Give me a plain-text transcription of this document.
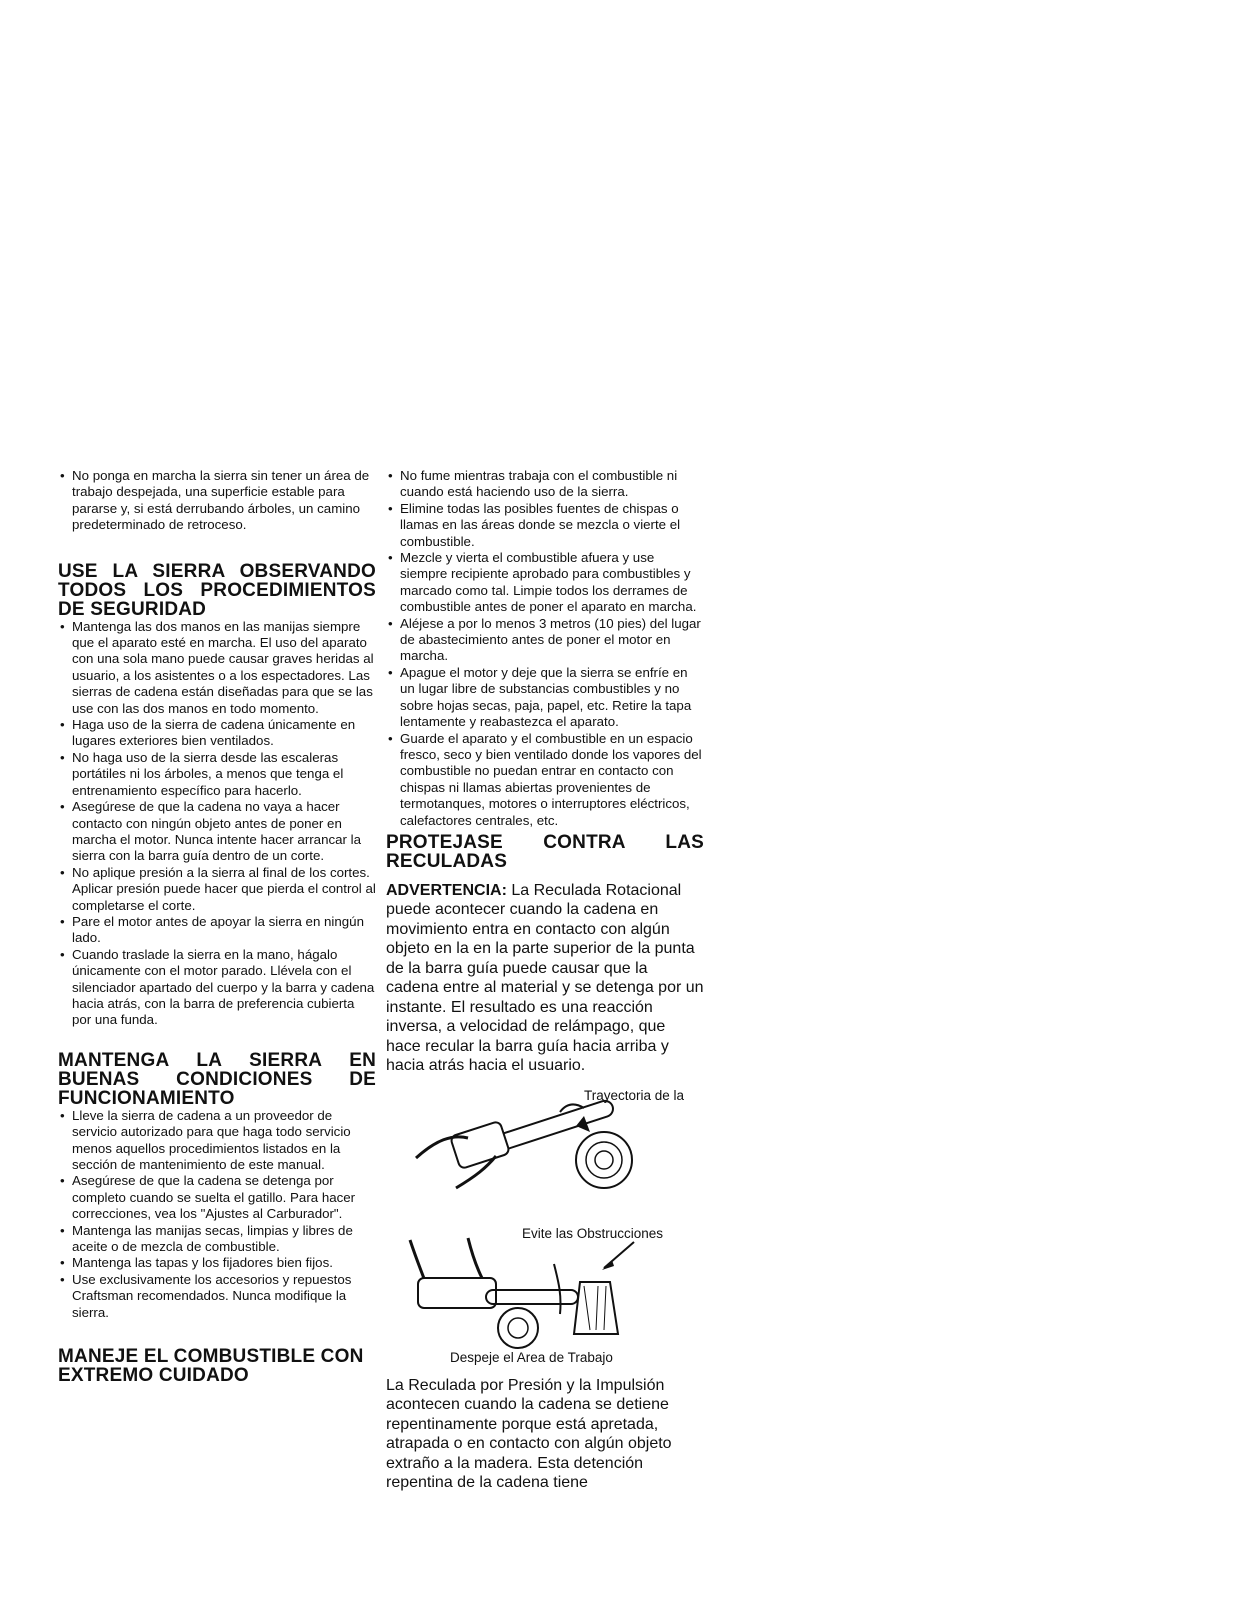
• No ponga en marcha la sierra sin tener un área de trabajo despejada, una superficie estable para pararse y, si está derrubando árboles, un camino predeterminado de retroceso.
USE LA SIERRA OBSERVANDO
TODOS LOS PROCEDIMIENTOS
DE SEGURIDAD
• Mantenga las dos manos en las manijas siempre que el aparato esté en marcha. El uso del aparato con una sola mano puede causar graves heridas al usuario, a los asistentes o a los espectadores. Las sierras de cadena están diseñadas para que se las use con las dos manos en todo momento.
• Haga uso de la sierra de cadena únicamente en lugares exteriores bien ventilados.
• No haga uso de la sierra desde las escaleras portátiles ni los árboles, a menos que tenga el entrenamiento específico para hacerlo.
• Asegúrese de que la cadena no vaya a hacer contacto con ningún objeto antes de poner en marcha el motor. Nunca intente hacer arrancar la sierra con la barra guía dentro de un corte.
• No aplique presión a la sierra al final de los cortes. Aplicar presión puede hacer que pierda el control al completarse el corte.
• Pare el motor antes de apoyar la sierra en ningún lado.
• Cuando traslade la sierra en la mano, hágalo únicamente con el motor parado. Llévela con el silenciador apartado del cuerpo y la barra y cadena hacia atrás, con la barra de preferencia cubierta por una funda.
MANTENGA LA SIERRA EN
BUENAS CONDICIONES DE
FUNCIONAMIENTO
• Lleve la sierra de cadena a un proveedor de servicio autorizado para que haga todo servicio menos aquellos procedimientos listados en la sección de mantenimiento de este manual.
• Asegúrese de que la cadena se detenga por completo cuando se suelta el gatillo. Para hacer correcciones, vea los "Ajustes al Carburador".
• Mantenga las manijas secas, limpias y libres de aceite o de mezcla de combustible.
• Mantenga las tapas y los fijadores bien fijos.
• Use exclusivamente los accesorios y repuestos Craftsman recomendados. Nunca modifique la sierra.
MANEJE EL COMBUSTIBLE CON
EXTREMO CUIDADO
• No fume mientras trabaja con el combustible ni cuando está haciendo uso de la sierra.
• Elimine todas las posibles fuentes de chispas o llamas en las áreas donde se mezcla o vierte el combustible.
• Mezcle y vierta el combustible afuera y use siempre recipiente aprobado para combustibles y marcado como tal. Limpie todos los derrames de combustible antes de poner el aparato en marcha.
• Aléjese a por lo menos 3 metros (10 pies) del lugar de abastecimiento antes de poner el motor en marcha.
• Apague el motor y deje que la sierra se enfríe en un lugar libre de substancias combustibles y no sobre hojas secas, paja, papel, etc. Retire la tapa lentamente y reabastezca el aparato.
• Guarde el aparato y el combustible en un espacio fresco, seco y bien ventilado donde los vapores del combustible no puedan entrar en contacto con chispas ni llamas abiertas provenientes de termotanques, motores o interruptores eléctricos, calefactores centrales, etc.
PROTEJASE CONTRA LAS
RECULADAS

ADVERTENCIA: La Reculada Rotacional puede acontecer cuando la cadena en movimiento entra en contacto con algún objeto en la en la parte superior de la punta de la barra guía puede causar que la cadena entre al material y se detenga por un instante. El resultado es una reacción inversa, a velocidad de relámpago, que hace recular la barra guía hacia arriba y hacia atrás hacia el usuario.

Trayectoria de la
Evite las Obstrucciones
Despeje el Area de Trabajo

La Reculada por Presión y la Impulsión acontecen cuando la cadena se detiene repentinamente porque está apretada, atrapada o en contacto con algún objeto extraño a la madera. Esta detención repentina de la cadena tiene
